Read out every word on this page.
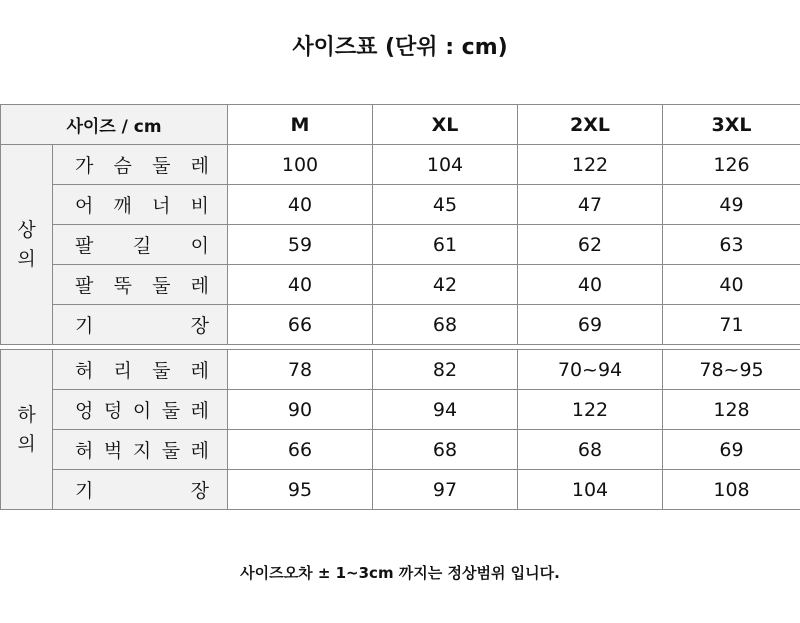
사이즈표 (단위 : cm)
사이즈 / cm		M	XL	2XL	3XL
상
의	가 슴 둘 레	100	104	122	126
	어 깨 너 비	40	45	47	49
	팔 길 이	59	61	62	63
	팔 뚝 둘 레	40	42	40	40
	기 장	66	68	69	71

하
의	허 리 둘 레	78	82	70~94	78~95
	엉 덩 이 둘 레	90	94	122	128
	허 벅 지 둘 레	66	68	68	69
	기 장	95	97	104	108
사이즈오차 ± 1~3cm 까지는 정상범위 입니다.
